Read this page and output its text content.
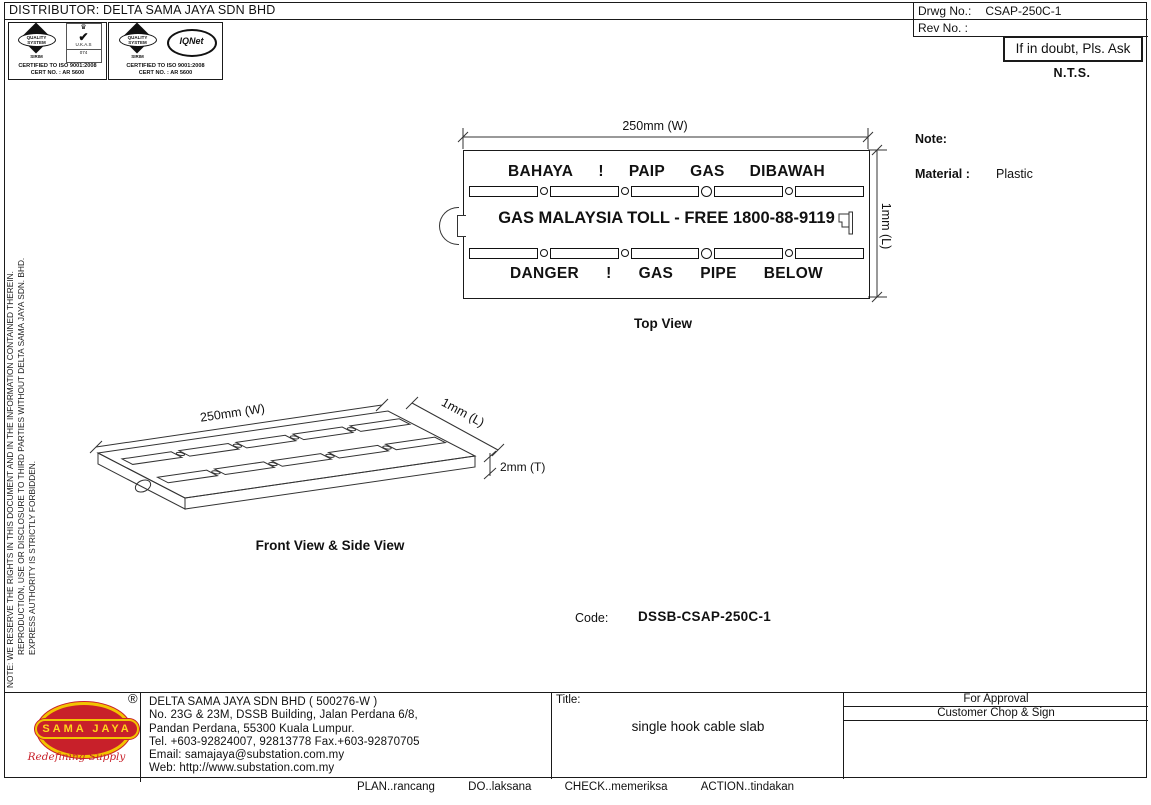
DISTRIBUTOR: DELTA SAMA JAYA SDN BHD
QUALITY SYSTEM
SIRIM
♛
✔
U.K.A.S
074
CERTIFIED TO ISO 9001:2008
CERT NO. : AR 5600
QUALITY SYSTEM
SIRIM
IQNet
CERTIFIED TO ISO 9001:2008
CERT NO. : AR 5600
Drwg No.: CSAP-250C-1
Rev No. :
If in doubt, Pls. Ask
N.T.S.
NOTE: WE RESERVE THE RIGHTS IN THIS DOCUMENT AND IN THE INFORMATION CONTAINED THEREIN. REPRODUCTION, USE OR DISCLOSURE TO THIRD PARTIES WITHOUT DELTA SAMA JAYA SDN. BHD. EXPRESS AUTHORITY IS STRICTLY FORBIDDEN.
250mm (W)
1mm (L)
BAHAYA ! PAIP GAS DIBAWAH
GAS MALAYSIA TOLL - FREE 1800-88-9119
DANGER ! GAS PIPE BELOW
Top View
Note:
Material : Plastic
250mm (W)	1mm (L)
2mm (T)
Front View & Side View
Code: DSSB-CSAP-250C-1
SAMA JAYA
®
Redefining Supply
DELTA SAMA JAYA SDN BHD ( 500276-W )
No. 23G & 23M, DSSB Building, Jalan Perdana 6/8,
Pandan Perdana, 55300 Kuala Lumpur.
Tel. +603-92824007, 92813778 Fax.+603-92870705
Email: samajaya@substation.com.my
Web: http://www.substation.com.my
Title:
single hook cable slab
For Approval
Customer Chop & Sign
PLAN..rancang	DO..laksana	CHECK..memeriksa	ACTION..tindakan
